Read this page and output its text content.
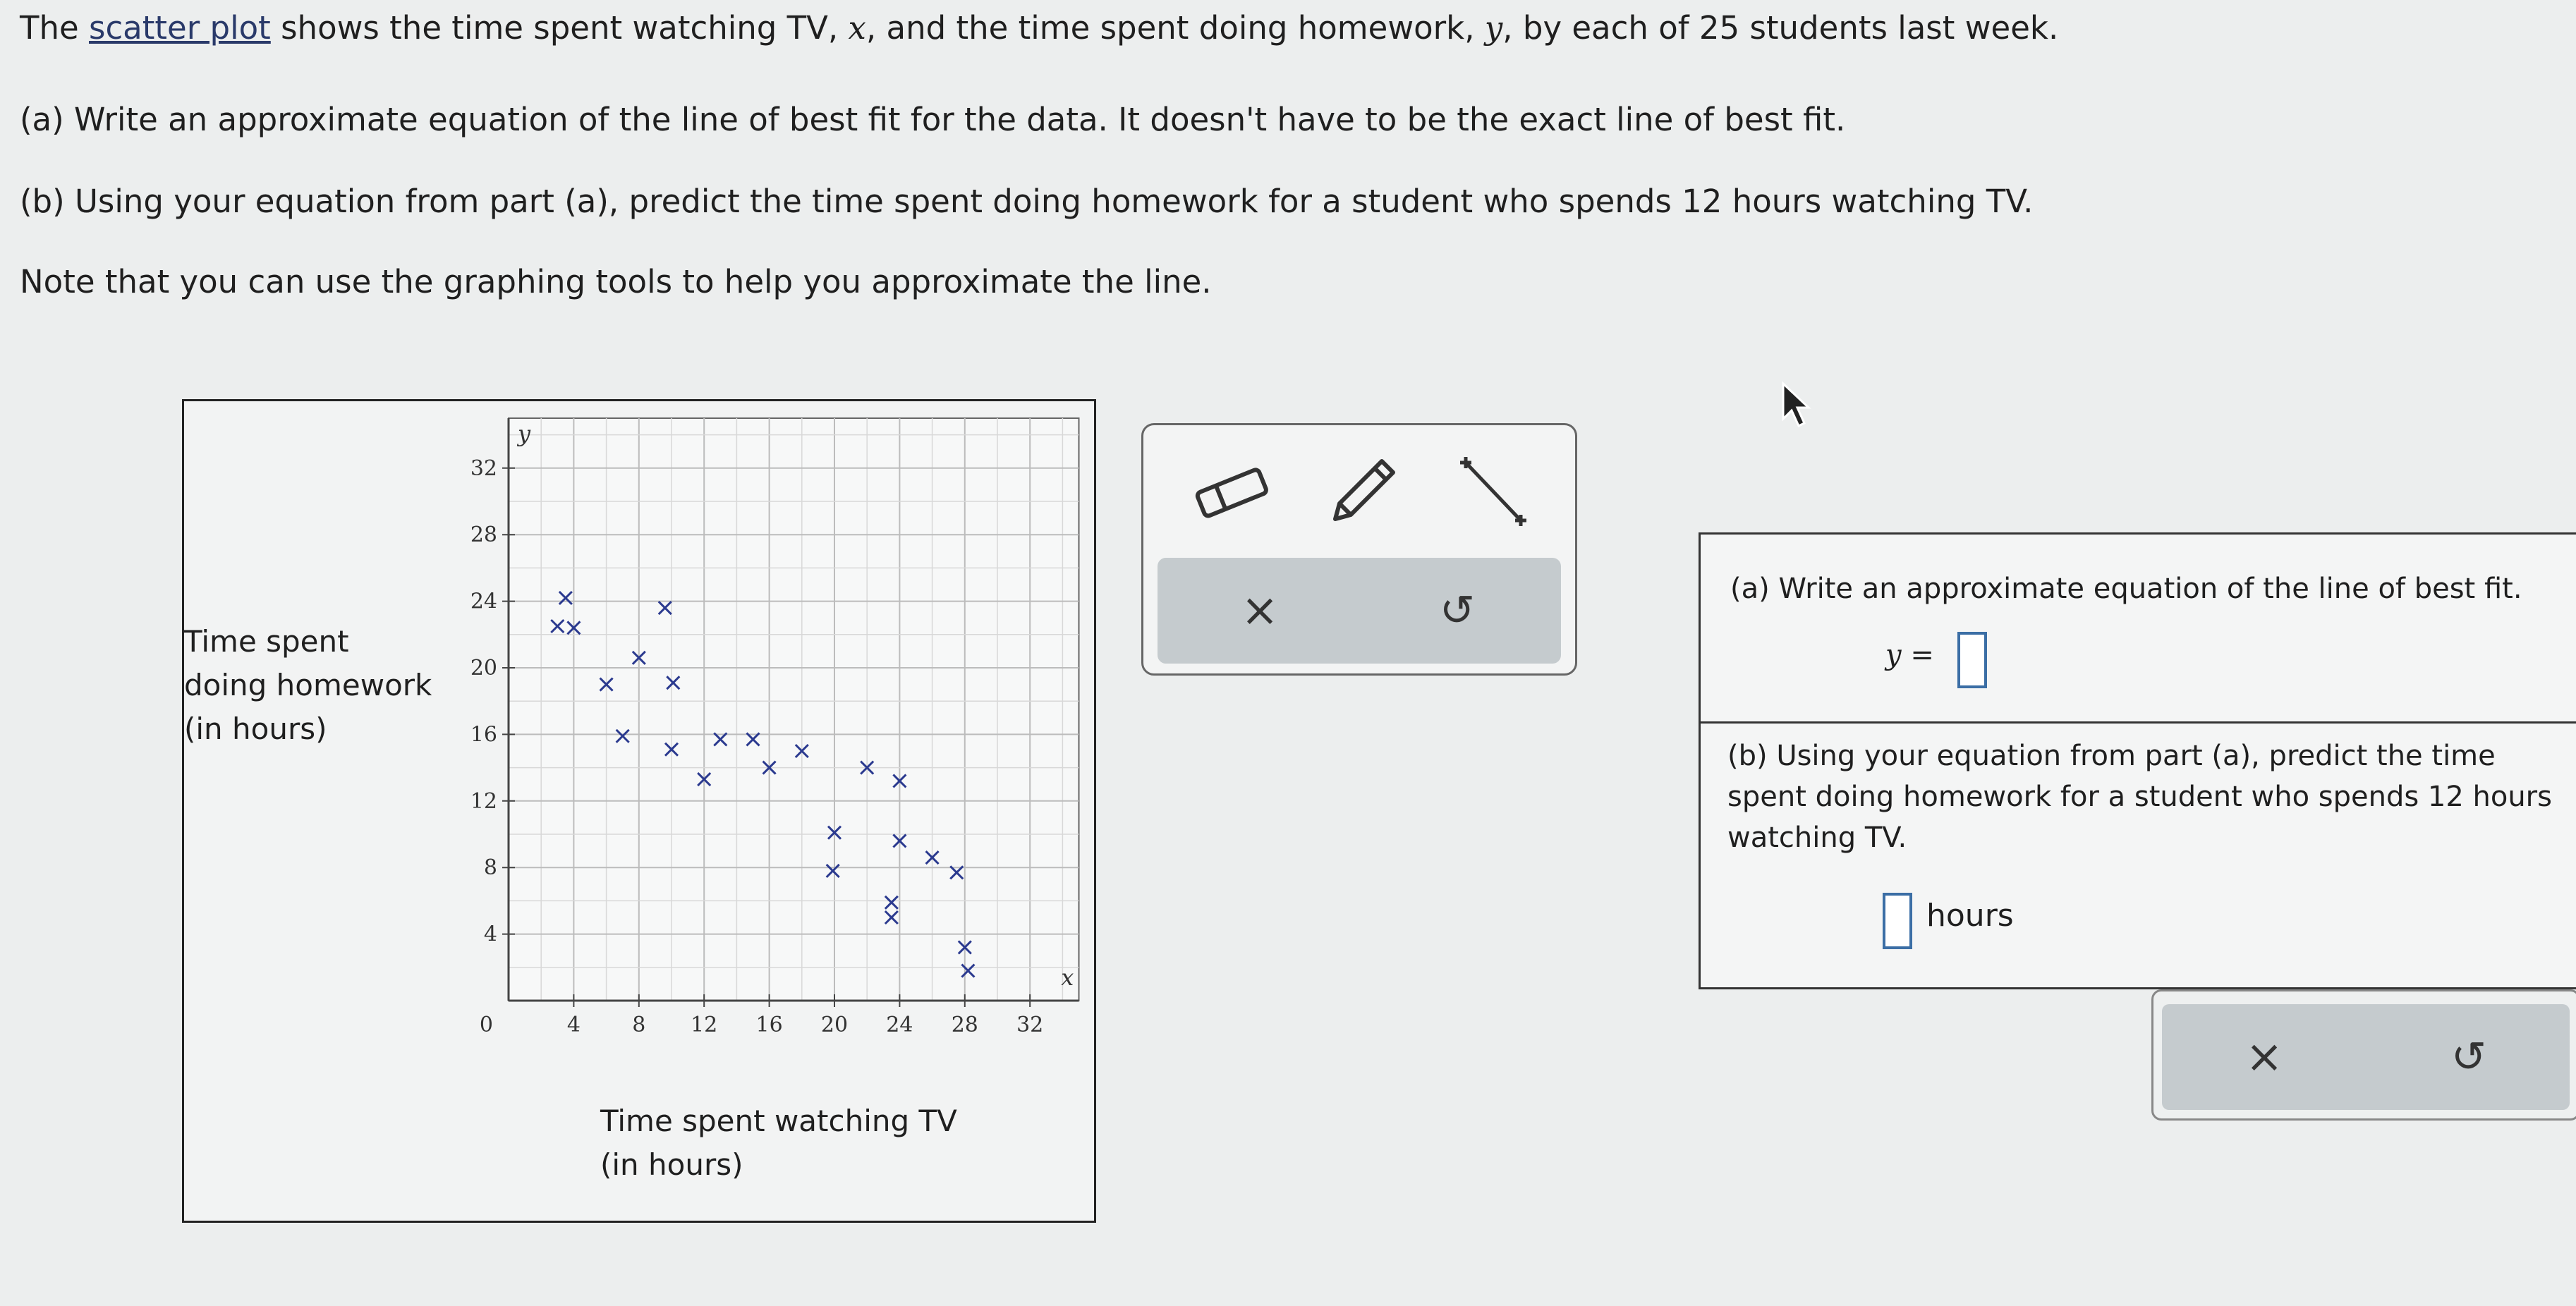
The scatter plot shows the time spent watching TV, x, and the time spent doing homework, y, by each of 25 students last week.
(a) Write an approximate equation of the line of best fit for the data. It doesn't have to be the exact line of best fit.
(b) Using your equation from part (a), predict the time spent doing homework for a student who spends 12 hours watching TV.
Note that you can use the graphing tools to help you approximate the line.
Time spent
doing homework
(in hours)
Time spent watching TV
(in hours)
4 8 12 16 20 24 28 32
4
8
12
16
20
24
28
32
0
x
y
×	↺	(a) Write an approximate equation of the line of best fit.
y =
(b) Using your equation from part (a), predict the time
spent doing homework for a student who spends 12 hours
watching TV.
hours
×	↺
